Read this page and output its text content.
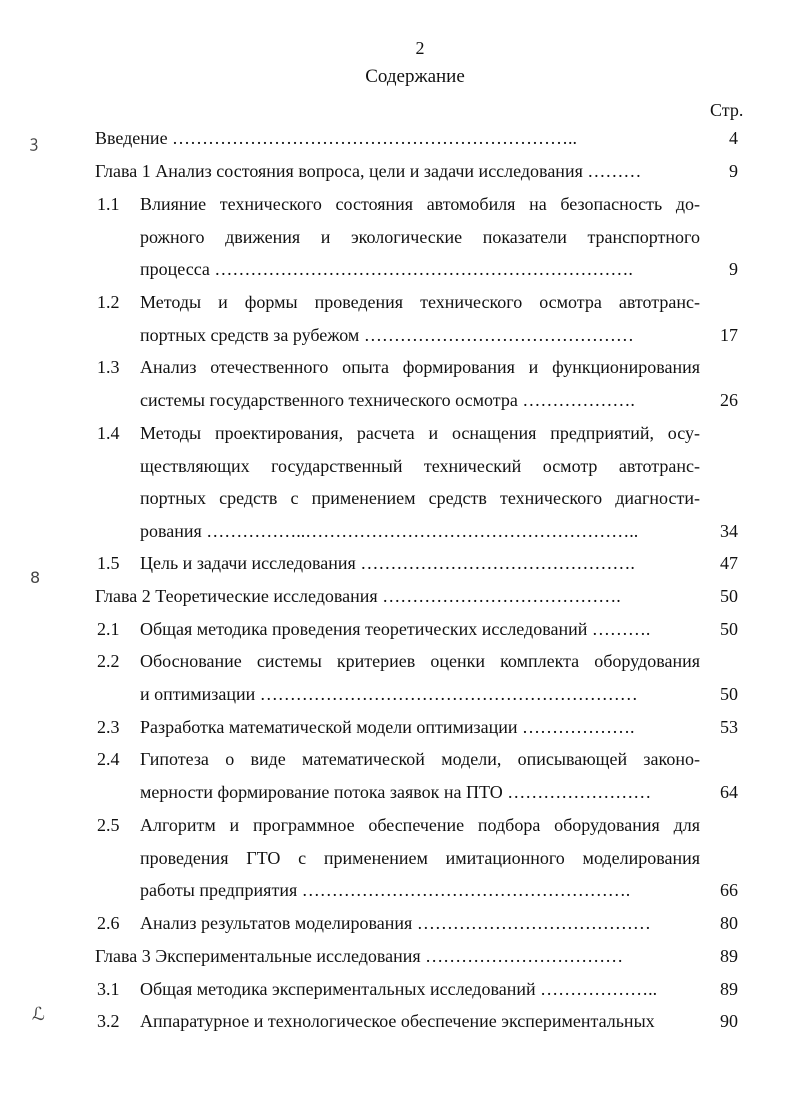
2
Содержание
Стр.
ꝫ
8
ℒ
Введение …………………………………………………………..	4
Глава 1 Анализ состояния вопроса, цели и задачи исследования ………	9
1.1 Влияние технического состояния автомобиля на безопасность до-
рожного движения и экологические показатели транспортного
процесса …………………………………………………………….	9
1.2 Методы и формы проведения технического осмотра автотранс-
портных средств за рубежом ………………………………………	17
1.3 Анализ отечественного опыта формирования и функционирования
системы государственного технического осмотра ……………….	26
1.4 Методы проектирования, расчета и оснащения предприятий, осу-
ществляющих государственный технический осмотр автотранс-
портных средств с применением средств технического диагности-
рования ……………..………………………………………………..	34
1.5 Цель и задачи исследования ……………………………………….	47
Глава 2 Теоретические исследования ………………………………….	50
2.1 Общая методика проведения теоретических исследований ……….	50
2.2 Обоснование системы критериев оценки комплекта оборудования
и оптимизации ………………………………………………………	50
2.3 Разработка математической модели оптимизации ……………….	53
2.4 Гипотеза о виде математической модели, описывающей законо-
мерности формирование потока заявок на ПТО ……………………	64
2.5 Алгоритм и программное обеспечение подбора оборудования для
проведения ГТО с применением имитационного моделирования
работы предприятия ……………………………………………….	66
2.6 Анализ результатов моделирования …………………………………	80
Глава 3 Экспериментальные исследования ……………………………	89
3.1 Общая методика экспериментальных исследований ………………..	89
3.2 Аппаратурное и технологическое обеспечение экспериментальных	90
